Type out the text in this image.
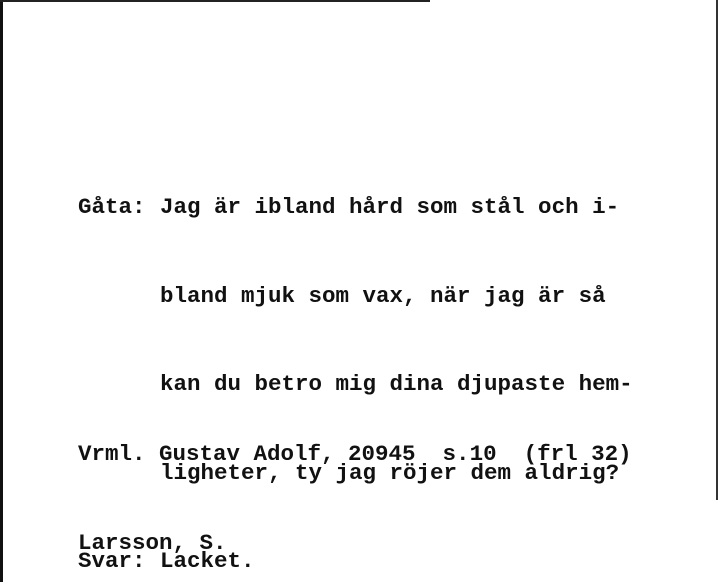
Gåta: Jag är ibland hård som stål och i-

bland mjuk som vax, när jag är så

kan du betro mig dina djupaste hem-

ligheter, ty jag röjer dem aldrig?

Svar: Lacket.

Vrml. Gustav Adolf, 20945  s.10  (frl 32)

Larsson, S.
